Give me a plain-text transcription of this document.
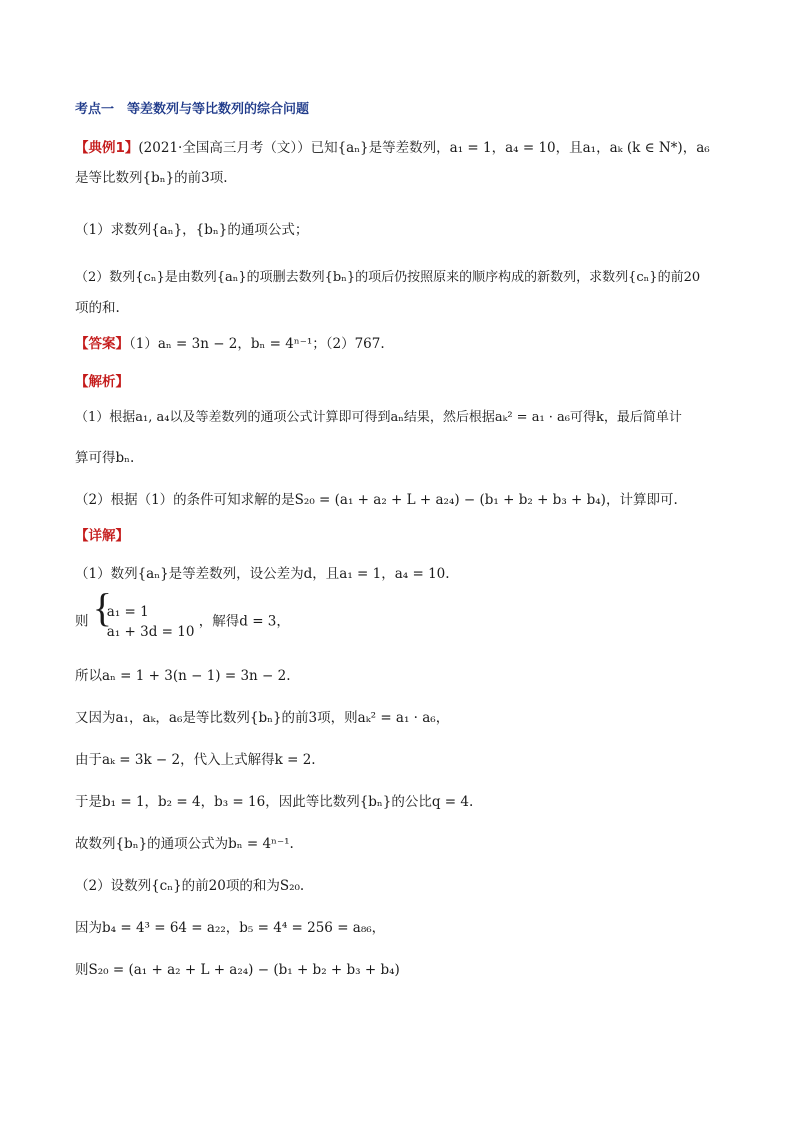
考点一　等差数列与等比数列的综合问题
【典例1】(2021·全国高三月考（文））已知{aₙ}是等差数列，a₁ = 1，a₄ = 10，且a₁，aₖ (k ∈ N*)，a₆
是等比数列{bₙ}的前3项.
（1）求数列{aₙ}，{bₙ}的通项公式；
（2）数列{cₙ}是由数列{aₙ}的项删去数列{bₙ}的项后仍按照原来的顺序构成的新数列，求数列{cₙ}的前20
项的和.
【答案】（1）aₙ = 3n − 2，bₙ = 4ⁿ⁻¹；（2）767.
【解析】
（1）根据a₁, a₄以及等差数列的通项公式计算即可得到aₙ结果，然后根据aₖ² = a₁ · a₆可得k，最后简单计
算可得bₙ.
（2）根据（1）的条件可知求解的是S₂₀ = (a₁ + a₂ + L + a₂₄) − (b₁ + b₂ + b₃ + b₄)，计算即可.
【详解】
（1）数列{aₙ}是等差数列，设公差为d，且a₁ = 1，a₄ = 10.
则 {
a₁ = 1
a₁ + 3d = 10
，解得d = 3，
所以aₙ = 1 + 3(n − 1) = 3n − 2.
又因为a₁，aₖ，a₆是等比数列{bₙ}的前3项，则aₖ² = a₁ · a₆，
由于aₖ = 3k − 2，代入上式解得k = 2.
于是b₁ = 1，b₂ = 4，b₃ = 16，因此等比数列{bₙ}的公比q = 4.
故数列{bₙ}的通项公式为bₙ = 4ⁿ⁻¹.
（2）设数列{cₙ}的前20项的和为S₂₀.
因为b₄ = 4³ = 64 = a₂₂，b₅ = 4⁴ = 256 = a₈₆，
则S₂₀ = (a₁ + a₂ + L + a₂₄) − (b₁ + b₂ + b₃ + b₄)
